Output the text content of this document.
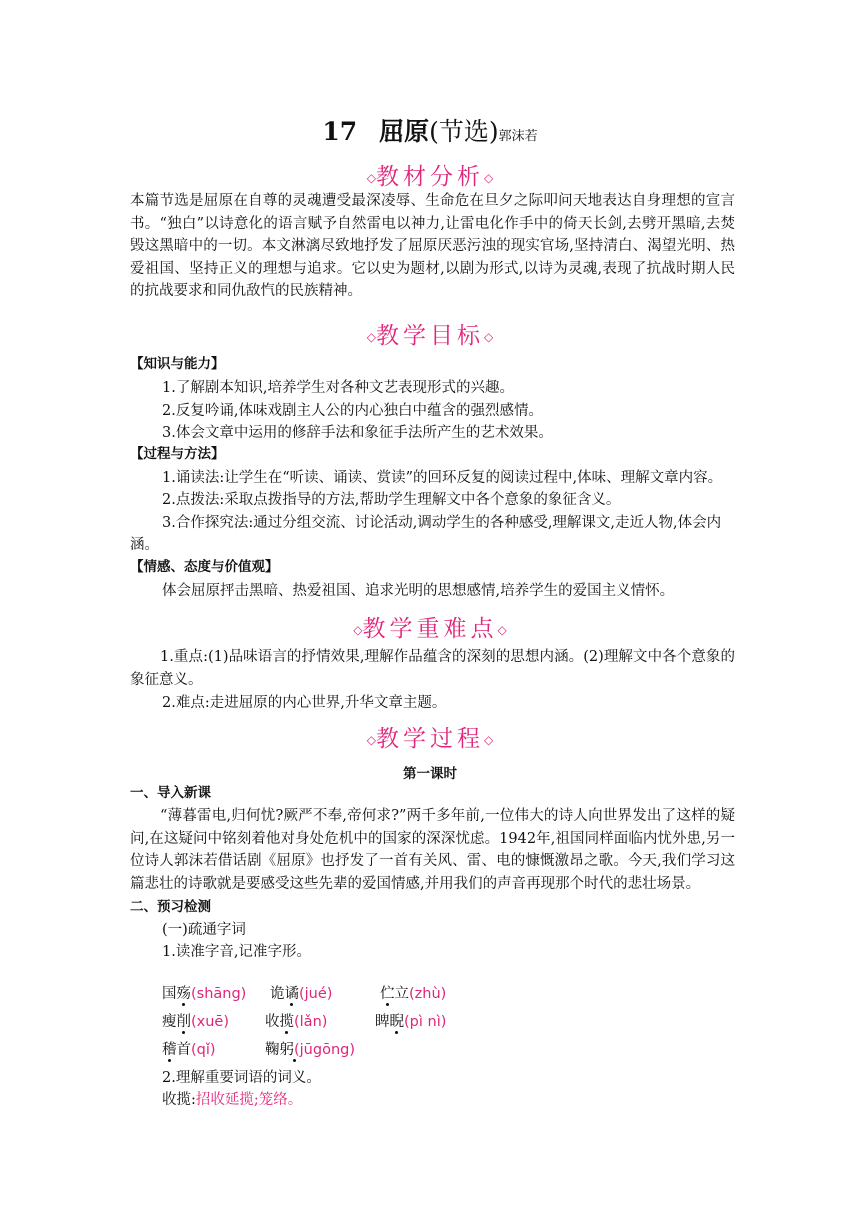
17 屈原(节选)郭沫若
◇教材分析◇
本篇节选是屈原在自尊的灵魂遭受最深凌辱、生命危在旦夕之际叩问天地表达自身理想的宣言书。“独白”以诗意化的语言赋予自然雷电以神力,让雷电化作手中的倚天长剑,去劈开黑暗,去焚毁这黑暗中的一切。本文淋漓尽致地抒发了屈原厌恶污浊的现实官场,坚持清白、渴望光明、热爱祖国、坚持正义的理想与追求。它以史为题材,以剧为形式,以诗为灵魂,表现了抗战时期人民的抗战要求和同仇敌忾的民族精神。
◇教学目标◇
【知识与能力】
1.了解剧本知识,培养学生对各种文艺表现形式的兴趣。
2.反复吟诵,体味戏剧主人公的内心独白中蕴含的强烈感情。
3.体会文章中运用的修辞手法和象征手法所产生的艺术效果。
【过程与方法】
1.诵读法:让学生在“听读、诵读、赏读”的回环反复的阅读过程中,体味、理解文章内容。
2.点拨法:采取点拨指导的方法,帮助学生理解文中各个意象的象征含义。
3.合作探究法:通过分组交流、讨论活动,调动学生的各种感受,理解课文,走近人物,体会内
涵。
【情感、态度与价值观】
体会屈原抨击黑暗、热爱祖国、追求光明的思想感情,培养学生的爱国主义情怀。
◇教学重难点◇
1.重点:(1)品味语言的抒情效果,理解作品蕴含的深刻的思想内涵。(2)理解文中各个意象的象征意义。
2.难点:走进屈原的内心世界,升华文章主题。
◇教学过程◇
第一课时
一、导入新课
“薄暮雷电,归何忧?厥严不奉,帝何求?”两千多年前,一位伟大的诗人向世界发出了这样的疑问,在这疑问中铭刻着他对身处危机中的国家的深深忧虑。1942年,祖国同样面临内忧外患,另一位诗人郭沫若借话剧《屈原》也抒发了一首有关风、雷、电的慷慨激昂之歌。今天,我们学习这篇悲壮的诗歌就是要感受这些先辈的爱国情感,并用我们的声音再现那个时代的悲壮场景。
二、预习检测
(一)疏通字词
1.读准字音,记准字形。
国殇(shāng) 诡谲(jué)	伫立(zhù)
瘦削(xuē) 收揽(lǎn)	睥睨(pì nì)
稽首(qǐ)	鞠躬(jūgōng)
2.理解重要词语的词义。
收揽:招收延揽;笼络。
